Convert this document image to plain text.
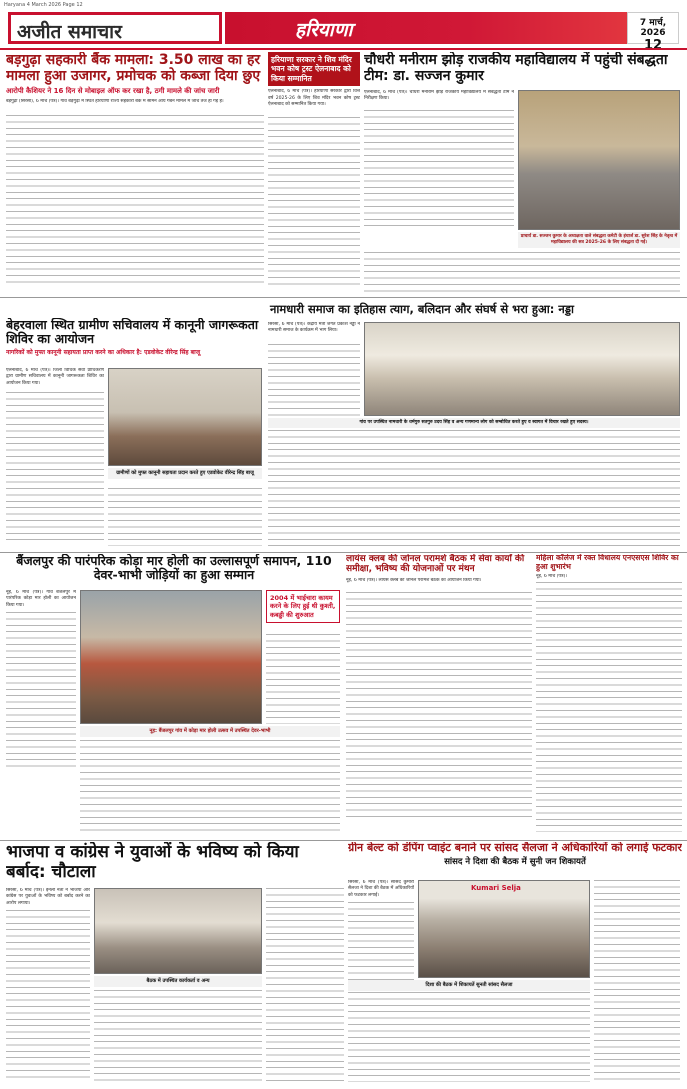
Haryana 4 March 2026 Page 12
अजीत समाचार	हरियाणा	7 मार्च, 2026
12
बड़गुढ़ा सहकारी बैंक मामला: 3.50 लाख का हर मामला हुआ उजागर, प्रमोचक को कब्जा दिया छुए
आरोपी कैशियर ने 16 दिन से मोबाइल ऑफ कर रखा है, ठगी मामले की जांच जारी
बड़गुढ़ा (सिरसा), 6 मार्च (पत्र)। गांव बड़गुढ़ा में स्थित हरियाणा राज्य सहकारी बैंक में सामने आये गबन मामले में जांच तेज हो गई है।
हरियाणा सरकार ने शिव मंदिर भवन कोष ट्रस्ट ऐलनाबाद को किया सम्मानित
ऐलनाबाद, 6 मार्च (पत्र)। हरियाणा सरकार द्वारा वित्त वर्ष 2025-26 के लिए शिव मंदिर भवन कोष ट्रस्ट ऐलनाबाद को सम्मानित किया गया।
चौधरी मनीराम झोड़ राजकीय महाविद्यालय में पहुंची संबद्धता टीम: डा. सज्जन कुमार
ऐलनाबाद, 6 मार्च (पत्र)। चौधरी मनीराम झोड़ राजकीय महाविद्यालय में संबद्धता टीम ने निरीक्षण किया।
प्राचार्य डा. सज्जन कुमार के अध्यक्षता वाले संबद्धता कमेटी के इंचार्ज डा. सुरेश सिंह के नेतृत्व में महाविद्यालय की सत्र 2025-26 के लिए संबद्धता दी गई।
बेहरवाला स्थित ग्रामीण सचिवालय में कानूनी जागरूकता शिविर का आयोजन
नागरिकों को मुफ्त कानूनी सहायता प्राप्त करने का अधिकार है: एडवोकेट वीरेन्द्र सिंह बाजू
ऐलनाबाद, 6 मार्च (पत्र)। जिला विधिक सेवा प्राधिकरण द्वारा ग्रामीण सचिवालय में कानूनी जागरूकता शिविर का आयोजन किया गया।
ग्रामीणों को मुफ्त कानूनी सहायता प्रदान करते हुए एडवोकेट वीरेन्द्र सिंह बाजू
नामधारी समाज का इतिहास त्याग, बलिदान और संघर्ष से भरा हुआ: नड्डा
सिरसा, 6 मार्च (पत्र)। केंद्रीय मंत्री जगत प्रकाश नड्डा ने नामधारी समाज के कार्यक्रम में भाग लिया।
गांव पर उपस्थित नामधारी के धर्मगुरु सतगुरु उदय सिंह व अन्य गणमान्य लोग को सम्बोधित करते हुए व स्वागत में विचार रखते हुए सदस्य।
बैंजलपुर की पारंपरिक कोड़ा मार होली का उल्लासपूर्ण समापन, 110 देवर-भाभी जोड़ियों का हुआ सम्मान
नूह, 6 मार्च (पत्र)। गांव बैंजलपुर में पारंपरिक कोड़ा मार होली का आयोजन किया गया।
2004 में भाईचारा कायम करने के लिए हुई थी कुश्ती, कबड्डी की शुरुआत
नूह: बैंजलपुर गांव में कोड़ा मार होली उत्सव में उपस्थित देवर-भाभी
लायंस क्लब की जोनल परामर्श बैठक में सेवा कार्यों की समीक्षा, भविष्य की योजनाओं पर मंथन
नूह, 6 मार्च (पत्र)। लायंस क्लब की जोनल परामर्श बैठक का आयोजन किया गया।
महिला कॉलेज में रक्त विधालय एनएसएस शिविर का हुआ शुभारंभ
नूह, 6 मार्च (पत्र)।
भाजपा व कांग्रेस ने युवाओं के भविष्य को किया बर्बाद: चौटाला
सिरसा, 6 मार्च (पत्र)। इनेलो नेता ने भाजपा और कांग्रेस पर युवाओं के भविष्य को बर्बाद करने का आरोप लगाया।
बैठक में उपस्थित कार्यकर्ता व अन्य
ग्रीन बेल्ट को डंपिंग प्वाइंट बनाने पर सांसद सैलजा ने अधिकारियों को लगाई फटकार
सांसद ने दिशा की बैठक में सुनी जन शिकायतें
सिरसा, 6 मार्च (पत्र)। सांसद कुमारी सैलजा ने दिशा की बैठक में अधिकारियों को फटकार लगाई।
Kumari Selja
दिशा की बैठक में शिकायतें सुनती सांसद सैलजा
